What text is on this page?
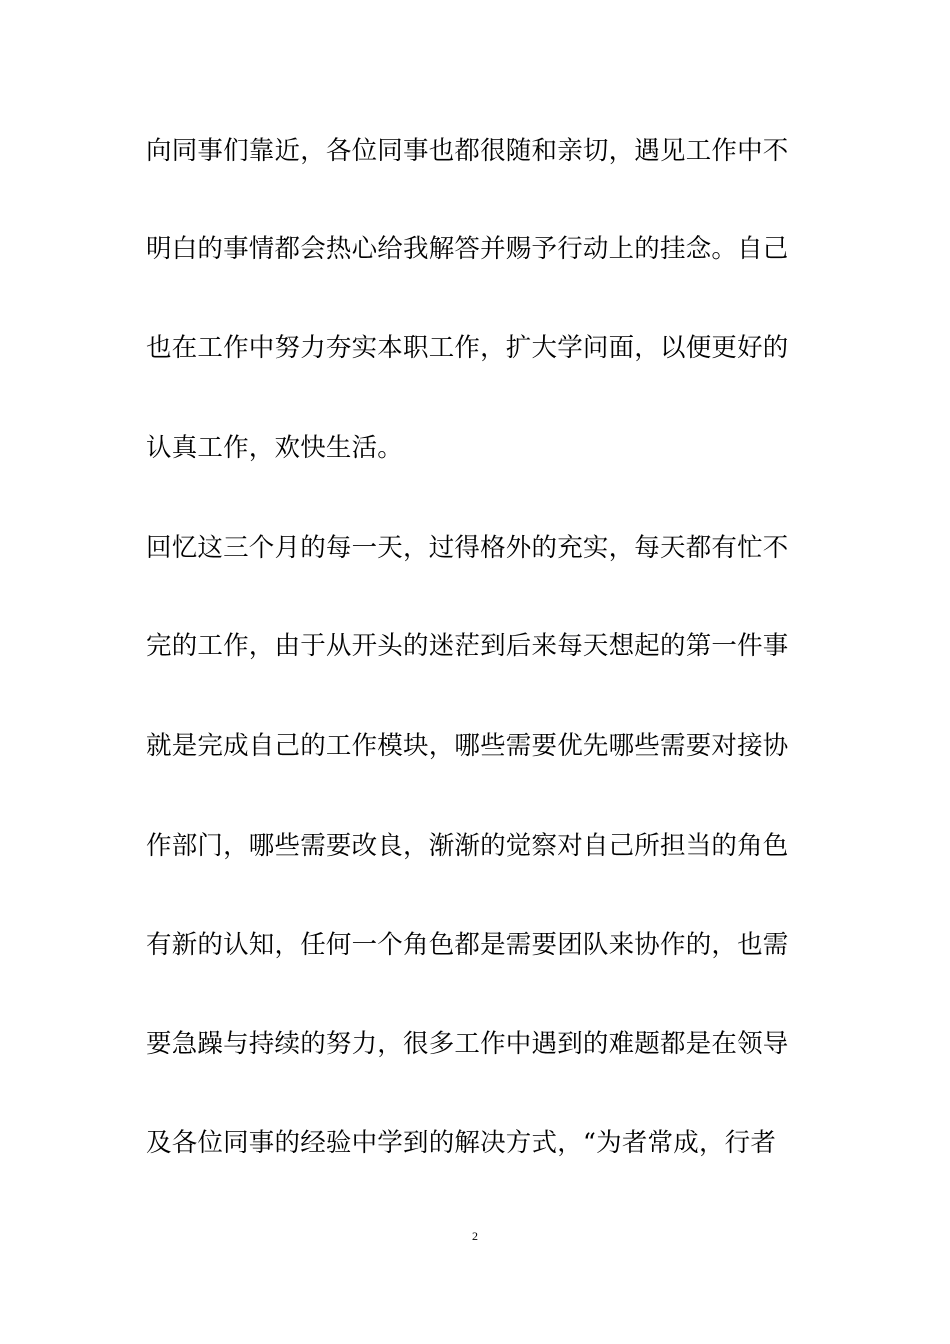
向同事们靠近，各位同事也都很随和亲切，遇见工作中不
明白的事情都会热心给我解答并赐予行动上的挂念。自己
也在工作中努力夯实本职工作，扩大学问面，以便更好的
认真工作，欢快生活。
回忆这三个月的每一天，过得格外的充实，每天都有忙不
完的工作，由于从开头的迷茫到后来每天想起的第一件事
就是完成自己的工作模块，哪些需要优先哪些需要对接协
作部门，哪些需要改良，渐渐的觉察对自己所担当的角色
有新的认知，任何一个角色都是需要团队来协作的，也需
要急躁与持续的努力，很多工作中遇到的难题都是在领导
及各位同事的经验中学到的解决方式，“为者常成，行者
2
